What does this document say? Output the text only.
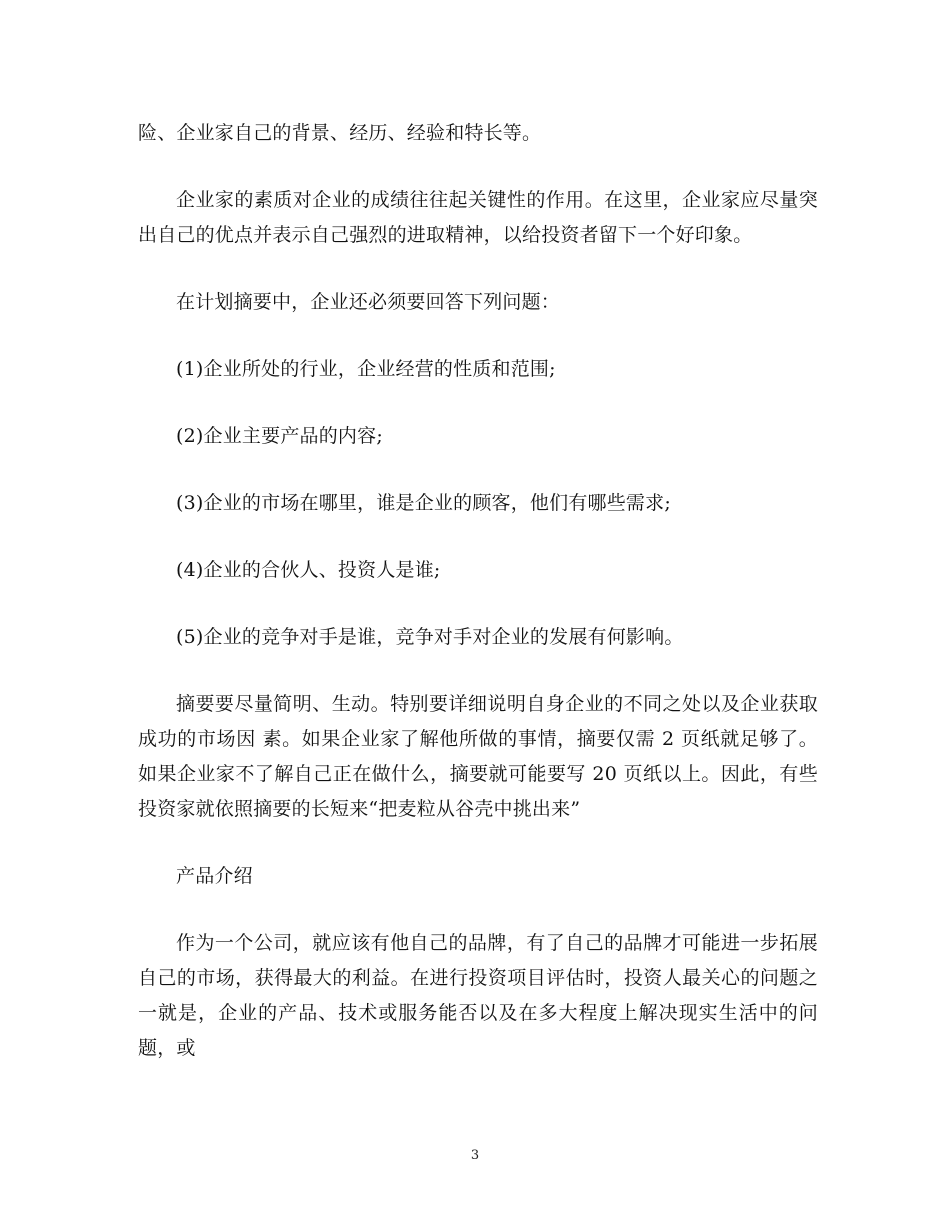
险、企业家自己的背景、经历、经验和特长等。

企业家的素质对企业的成绩往往起关键性的作用。在这里，企业家应尽量突出自己的优点并表示自己强烈的进取精神，以给投资者留下一个好印象。

在计划摘要中，企业还必须要回答下列问题：

(1)企业所处的行业，企业经营的性质和范围;

(2)企业主要产品的内容;

(3)企业的市场在哪里，谁是企业的顾客，他们有哪些需求;

(4)企业的合伙人、投资人是谁;

(5)企业的竞争对手是谁，竞争对手对企业的发展有何影响。

摘要要尽量简明、生动。特别要详细说明自身企业的不同之处以及企业获取成功的市场因 素。如果企业家了解他所做的事情，摘要仅需 2 页纸就足够了。如果企业家不了解自己正在做什么，摘要就可能要写 20 页纸以上。因此，有些投资家就依照摘要的长短来“把麦粒从谷壳中挑出来”

产品介绍

作为一个公司，就应该有他自己的品牌，有了自己的品牌才可能进一步拓展自己的市场，获得最大的利益。在进行投资项目评估时，投资人最关心的问题之一就是，企业的产品、技术或服务能否以及在多大程度上解决现实生活中的问题，或

3
